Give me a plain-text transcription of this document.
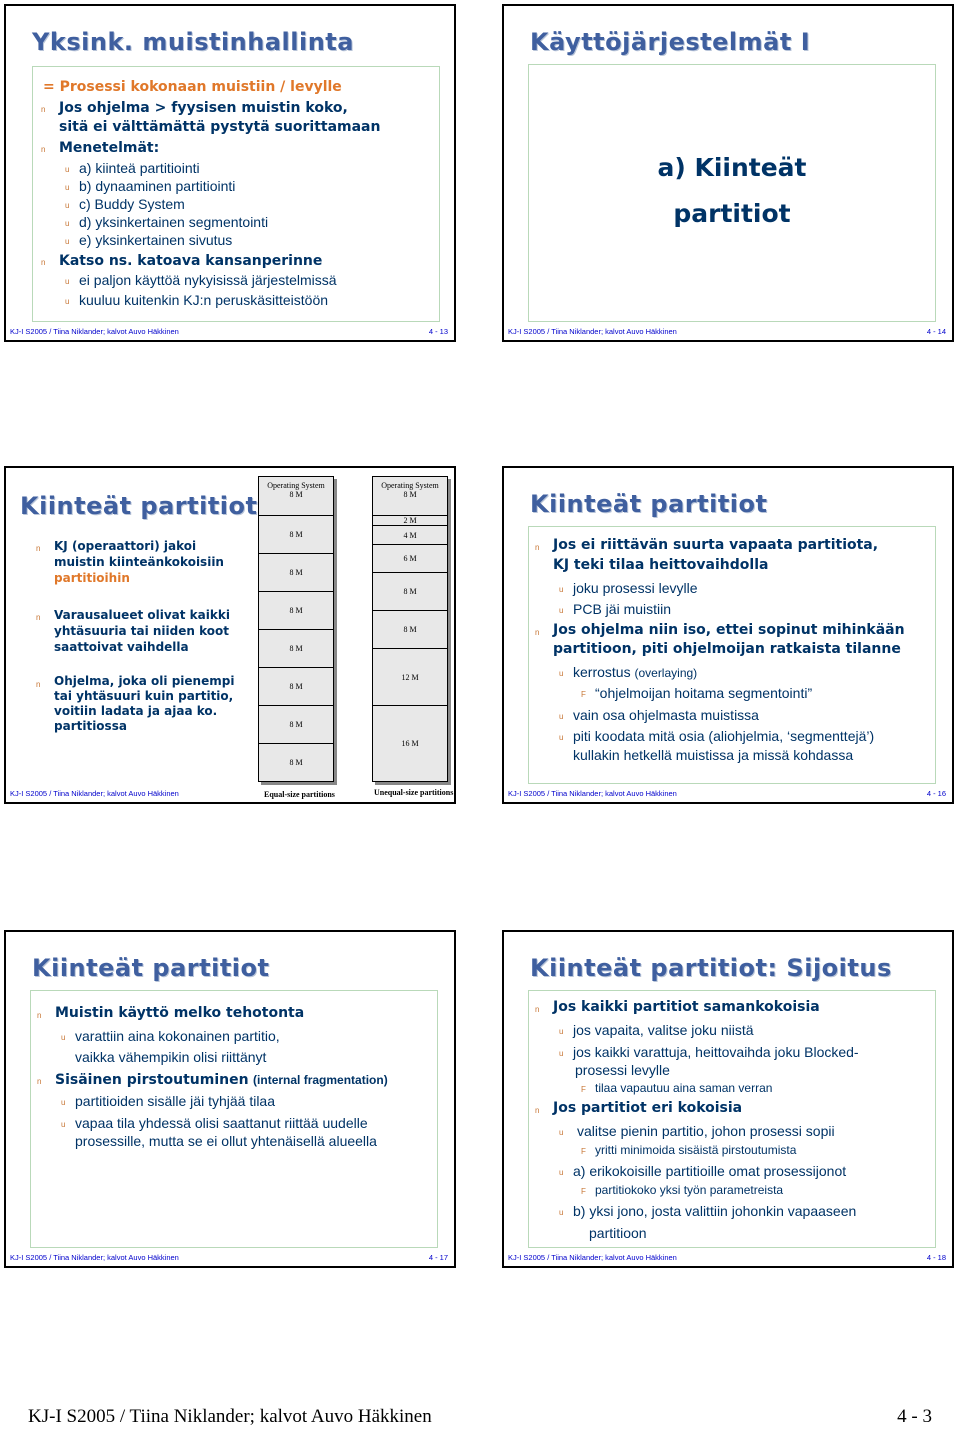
Yksink. muistinhallinta
= Prosessi kokonaan muistiin / levylle
n Jos ohjelma > fyysisen muistin koko,
sitä ei välttämättä pystytä suorittamaan
n Menetelmät:
u a) kiinteä partitiointi
u b) dynaaminen partitiointi
u c) Buddy System
u d) yksinkertainen segmentointi
u e) yksinkertainen sivutus
n Katso ns. katoava kansanperinne
u ei paljon käyttöä nykyisissä järjestelmissä
u kuuluu kuitenkin KJ:n peruskäsitteistöön
KJ-I S2005 / Tiina Niklander; kalvot Auvo Häkkinen	4 - 13
Käyttöjärjestelmät I
a) Kiinteät
partitiot
KJ-I S2005 / Tiina Niklander; kalvot Auvo Häkkinen	4 - 14
Kiinteät partitiot
n KJ (operaattori) jakoi
muistin kiinteänkokoisiin
partitioihin
n Varausalueet olivat kaikki
yhtäsuuria tai niiden koot
saattoivat vaihdella
n Ohjelma, joka oli pienempi
tai yhtäsuuri kuin partitio,
voitiin ladata ja ajaa ko.
partitiossa
Operating System
8 M
8 M
8 M
8 M
8 M
8 M
8 M
8 M
Equal-size partitions
Operating System
8 M
2 M
4 M
6 M
8 M
8 M
12 M
16 M
Unequal-size partitions
KJ-I S2005 / Tiina Niklander; kalvot Auvo Häkkinen
Kiinteät partitiot
n Jos ei riittävän suurta vapaata partitiota,
KJ teki tilaa heittovaihdolla
u joku prosessi levylle
u PCB jäi muistiin
n Jos ohjelma niin iso, ettei sopinut mihinkään
partitioon, piti ohjelmoijan ratkaista tilanne
u kerrostus (overlaying)
F “ohjelmoijan hoitama segmentointi”
u vain osa ohjelmasta muistissa
u piti koodata mitä osia (aliohjelmia, ‘segmenttejä’)
kullakin hetkellä muistissa ja missä kohdassa
KJ-I S2005 / Tiina Niklander; kalvot Auvo Häkkinen	4 - 16
Kiinteät partitiot
n Muistin käyttö melko tehotonta
u varattiin aina kokonainen partitio,
vaikka vähempikin olisi riittänyt
n Sisäinen pirstoutuminen (internal fragmentation)
u partitioiden sisälle jäi tyhjää tilaa
u vapaa tila yhdessä olisi saattanut riittää uudelle
prosessille, mutta se ei ollut yhtenäisellä alueella
KJ-I S2005 / Tiina Niklander; kalvot Auvo Häkkinen	4 - 17
Kiinteät partitiot: Sijoitus
n Jos kaikki partitiot samankokoisia
u jos vapaita, valitse joku niistä
u jos kaikki varattuja, heittovaihda joku Blocked-
prosessi levylle
F tilaa vapautuu aina saman verran
n Jos partitiot eri kokoisia
u valitse pienin partitio, johon prosessi sopii
F yritti minimoida sisäistä pirstoutumista
u a) erikokoisille partitioille omat prosessijonot
F partitiokoko yksi työn parametreista
u b) yksi jono, josta valittiin johonkin vapaaseen
partitioon
KJ-I S2005 / Tiina Niklander; kalvot Auvo Häkkinen	4 - 18
KJ-I S2005 / Tiina Niklander; kalvot Auvo Häkkinen	4 - 3
